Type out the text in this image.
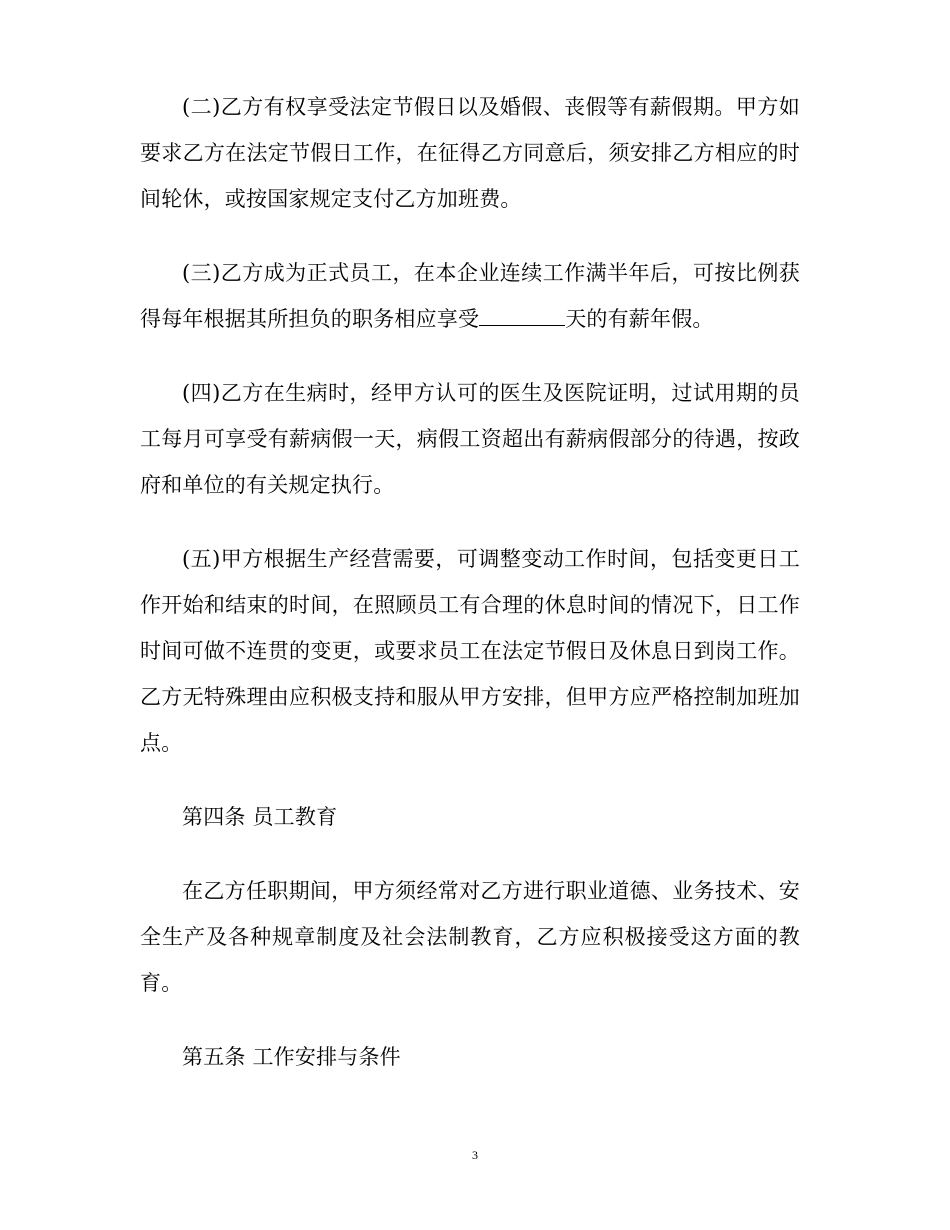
(二)乙方有权享受法定节假日以及婚假、丧假等有薪假期。甲方如要求乙方在法定节假日工作，在征得乙方同意后，须安排乙方相应的时间轮休，或按国家规定支付乙方加班费。

(三)乙方成为正式员工，在本企业连续工作满半年后，可按比例获得每年根据其所担负的职务相应享受	天的有薪年假。

(四)乙方在生病时，经甲方认可的医生及医院证明，过试用期的员工每月可享受有薪病假一天，病假工资超出有薪病假部分的待遇，按政府和单位的有关规定执行。

(五)甲方根据生产经营需要，可调整变动工作时间，包括变更日工作开始和结束的时间，在照顾员工有合理的休息时间的情况下，日工作时间可做不连贯的变更，或要求员工在法定节假日及休息日到岗工作。乙方无特殊理由应积极支持和服从甲方安排，但甲方应严格控制加班加点。

第四条 员工教育

在乙方任职期间，甲方须经常对乙方进行职业道德、业务技术、安全生产及各种规章制度及社会法制教育，乙方应积极接受这方面的教育。

第五条 工作安排与条件

3
